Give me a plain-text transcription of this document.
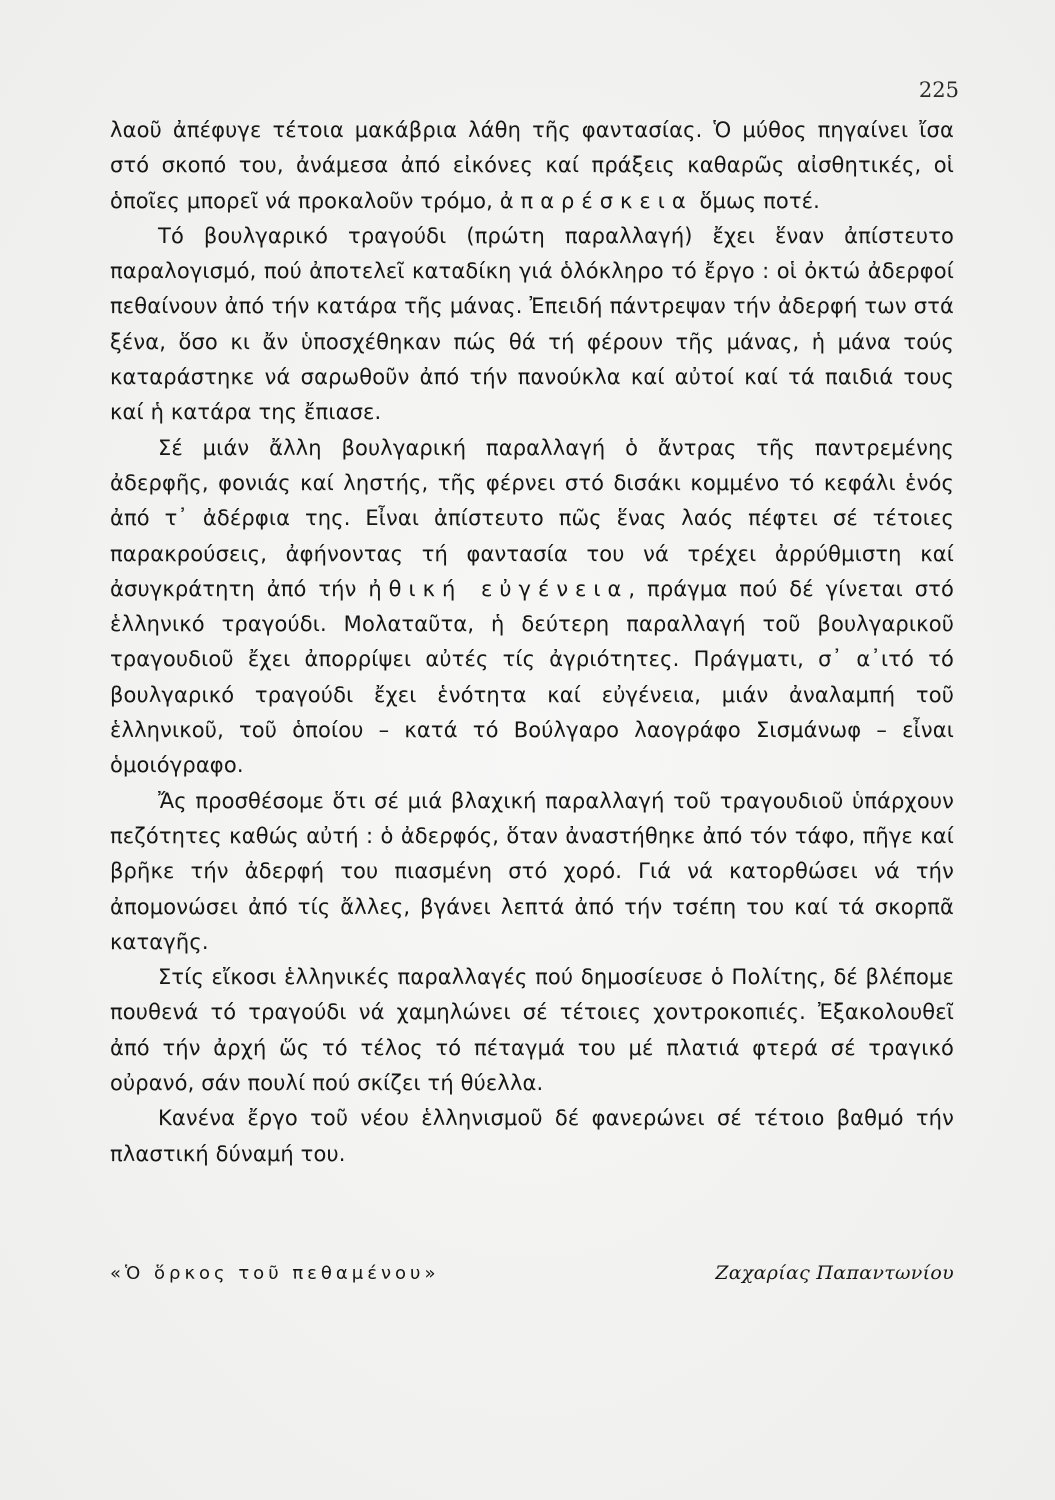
225

λαοῦ ἀπέφυγε τέτοια μακάβρια λάθη τῆς φαντασίας. Ὁ μύθος πηγαίνει ἴσα στό σκοπό του, ἀνάμεσα ἀπό εἰκόνες καί πράξεις καθαρῶς αἰσθητικές, οἱ ὁποῖες μπορεῖ νά προκαλοῦν τρόμο, ἀπαρέσκεια ὅμως ποτέ.

Τό βουλγαρικό τραγούδι (πρώτη παραλλαγή) ἔχει ἕναν ἀπίστευτο παραλογισμό, πού ἀποτελεῖ καταδίκη γιά ὁλόκληρο τό ἔργο : οἱ ὀκτώ ἀδερφοί πεθαίνουν ἀπό τήν κατάρα τῆς μάνας. Ἐπειδή πάντρεψαν τήν ἀδερφή των στά ξένα, ὅσο κι ἄν ὑποσχέθηκαν πώς θά τή φέρουν τῆς μάνας, ἡ μάνα τούς καταράστηκε νά σαρωθοῦν ἀπό τήν πανούκλα καί αὐτοί καί τά παιδιά τους καί ἡ κατάρα της ἔπιασε.

Σέ μιάν ἄλλη βουλγαρική παραλλαγή ὁ ἄντρας τῆς παντρεμένης ἀδερφῆς, φονιάς καί ληστής, τῆς φέρνει στό δισάκι κομμένο τό κεφάλι ἑνός ἀπό τ᾿ ἀδέρφια της. Εἶναι ἀπίστευτο πῶς ἕνας λαός πέφτει σέ τέτοιες παρακρούσεις, ἀφήνοντας τή φαντασία του νά τρέχει ἀρρύθμιστη καί ἀσυγκράτητη ἀπό τήν ἠθική εὐγένεια, πράγμα πού δέ γίνεται στό ἑλληνικό τραγούδι. Μολαταῦτα, ἡ δεύτερη παραλλαγή τοῦ βουλγαρικοῦ τραγουδιοῦ ἔχει ἀπορρίψει αὐτές τίς ἀγριότητες. Πράγματι, σ᾿ α᾿ιτό τό βουλγαρικό τραγούδι ἔχει ἑνότητα καί εὐγένεια, μιάν ἀναλαμπή τοῦ ἑλληνικοῦ, τοῦ ὁποίου – κατά τό Βούλγαρο λαογράφο Σισμάνωφ – εἶναι ὁμοιόγραφο.

Ἄς προσθέσομε ὅτι σέ μιά βλαχική παραλλαγή τοῦ τραγουδιοῦ ὑπάρχουν πεζότητες καθώς αὐτή : ὁ ἀδερφός, ὅταν ἀναστήθηκε ἀπό τόν τάφο, πῆγε καί βρῆκε τήν ἀδερφή του πιασμένη στό χορό. Γιά νά κατορθώσει νά τήν ἀπομονώσει ἀπό τίς ἄλλες, βγάνει λεπτά ἀπό τήν τσέπη του καί τά σκορπᾶ καταγῆς.

Στίς εἴκοσι ἑλληνικές παραλλαγές πού δημοσίευσε ὁ Πολίτης, δέ βλέπομε πουθενά τό τραγούδι νά χαμηλώνει σέ τέτοιες χοντροκοπιές. Ἐξακολουθεῖ ἀπό τήν ἀρχή ὥς τό τέλος τό πέταγμά του μέ πλατιά φτερά σέ τραγικό οὐρανό, σάν πουλί πού σκίζει τή θύελλα.

Κανένα ἔργο τοῦ νέου ἑλληνισμοῦ δέ φανερώνει σέ τέτοιο βαθμό τήν πλαστική δύναμή του.

«Ὁ ὅρκος τοῦ πεθαμένου»	Ζαχαρίας Παπαντωνίου
